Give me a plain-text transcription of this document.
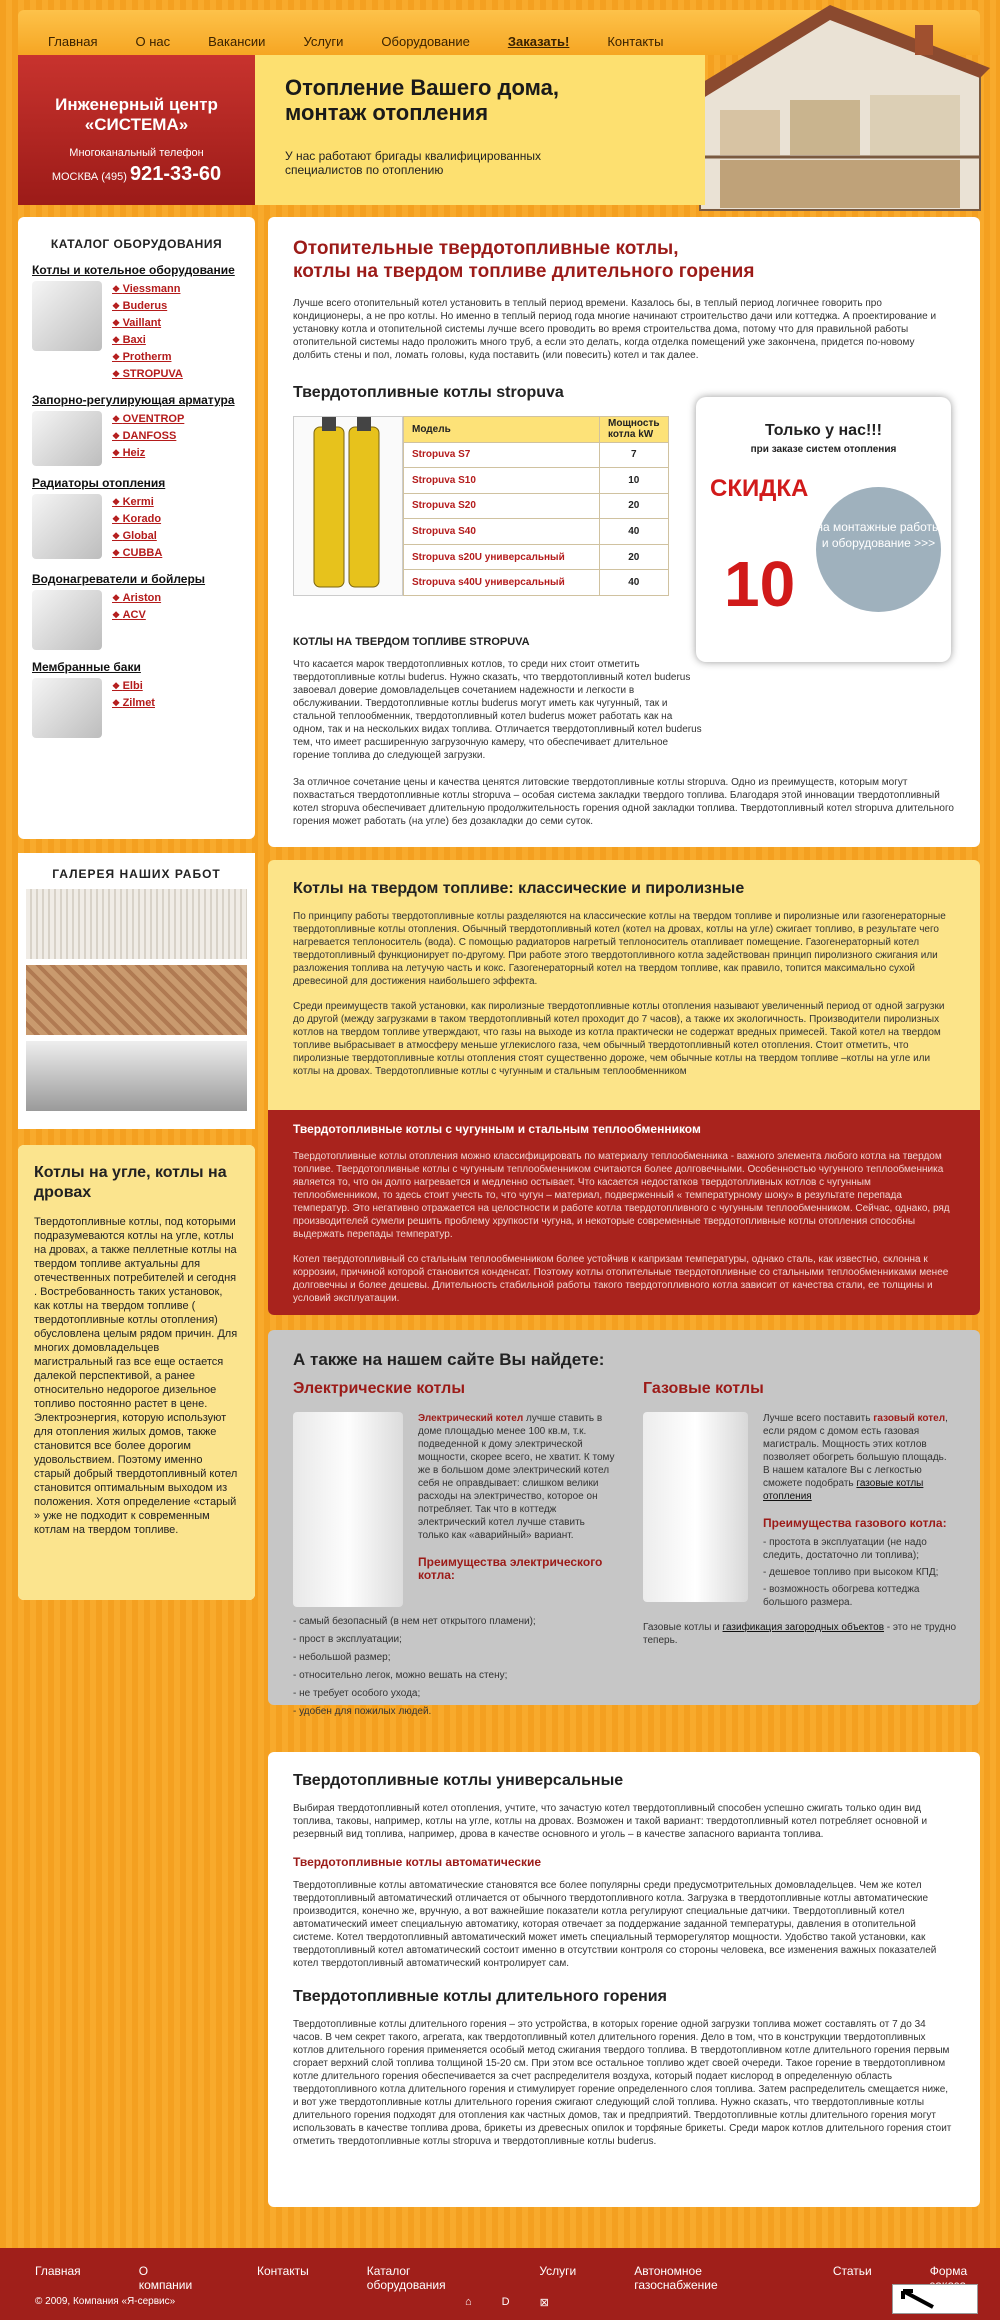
Главная	О нас	Вакансии	Услуги	Оборудование	Заказать!	Контакты
Инженерный центр
«СИСТЕМА»
Многоканальный телефон
МОСКВА (495) 921-33-60
Отопление Вашего дома,
монтаж отопления

У нас работают бригады квалифицированных специалистов по отоплению

КАТАЛОГ ОБОРУДОВАНИЯ
Котлы и котельное оборудование
❖ Viessmann
❖ Buderus
❖ Vaillant
❖ Baxi
❖ Protherm
❖ STROPUVA
Запорно-регулирующая арматура
❖ OVENTROP
❖ DANFOSS
❖ Heiz
Радиаторы отопления
❖ Kermi
❖ Korado
❖ Global
❖ CUBBA
Водонагреватели и бойлеры
❖ Ariston
❖ ACV
Мембранные баки
❖ Elbi
❖ Zilmet
ГАЛЕРЕЯ НАШИХ РАБОТ
Котлы на угле, котлы на дровах

Твердотопливные котлы, под которыми подразумеваются котлы на угле, котлы на дровах, а также пеллетные котлы на твердом топливе актуальны для отечественных потребителей и сегодня . Востребованность таких установок, как котлы на твердом топливе ( твердотопливные котлы отопления) обусловлена целым рядом причин. Для многих домовладельцев магистральный газ все еще остается далекой перспективой, а ранее относительно недорогое дизельное топливо постоянно растет в цене. Электроэнергия, которую используют для отопления жилых домов, также становится все более дорогим удовольствием. Поэтому именно старый добрый твердотопливный котел становится оптимальным выходом из положения. Хотя определение «старый » уже не подходит к современным котлам на твердом топливе.

Отопительные твердотопливные котлы,
котлы на твердом топливе длительного горения

Лучше всего отопительный котел установить в теплый период времени. Казалось бы, в теплый период логичнее говорить про кондиционеры, а не про котлы. Но именно в теплый период года многие начинают строительство дачи или коттеджа. А проектирование и установку котла и отопительной системы лучше всего проводить во время строительства дома, потому что для правильной работы отопительной системы надо проложить много труб, а если это делать, когда отделка помещений уже закончена, придется по-новому долбить стены и пол, ломать головы, куда поставить (или повесить) котел и так далее.

Твердотопливные котлы stropuva
Модель	Мощность котла kW
Stropuva S7	7
Stropuva S10	10
Stropuva S20	20
Stropuva S40	40
Stropuva s20U универсальный	20
Stropuva s40U универсальный	40
Только у нас!!!
при заказе систем отопления
СКИДКА
на монтажные работы и оборудование >>>
10
КОТЛЫ НА ТВЕРДОМ ТОПЛИВЕ STROPUVA

Что касается марок твердотопливных котлов, то среди них стоит отметить твердотопливные котлы buderus. Нужно сказать, что твердотопливный котел buderus завоевал доверие домовладельцев сочетанием надежности и легкости в обслуживании. Твердотопливные котлы buderus могут иметь как чугунный, так и стальной теплообменник, твердотопливный котел buderus может работать как на одном, так и на нескольких видах топлива. Отличается твердотопливный котел buderus тем, что имеет расширенную загрузочную камеру, что обеспечивает длительное горение топлива до следующей загрузки.

За отличное сочетание цены и качества ценятся литовские твердотопливные котлы stropuva. Одно из преимуществ, которым могут похвастаться твердотопливные котлы stropuva – особая система закладки твердого топлива. Благодаря этой инновации твердотопливный котел stropuva обеспечивает длительную продолжительность горения одной закладки топлива. Твердотопливный котел stropuva длительного горения может работать (на угле) без дозакладки до семи суток.

Котлы на твердом топливе: классические и пиролизные

По принципу работы твердотопливные котлы разделяются на классические котлы на твердом топливе и пиролизные или газогенераторные твердотопливные котлы отопления. Обычный твердотопливный котел (котел на дровах, котлы на угле) сжигает топливо, в результате чего нагревается теплоноситель (вода). С помощью радиаторов нагретый теплоноситель отапливает помещение. Газогенераторный котел твердотопливный функционирует по-другому. При работе этого твердотопливного котла задействован принцип пиролизного сжигания или разложения топлива на летучую часть и кокс. Газогенераторный котел на твердом топливе, как правило, топится максимально сухой древесиной для достижения наибольшего эффекта.

Среди преимуществ такой установки, как пиролизные твердотопливные котлы отопления называют увеличенный период от одной загрузки до другой (между загрузками в таком твердотопливный котел проходит до 7 часов), а также их экологичность. Производители пиролизных котлов на твердом топливе утверждают, что газы на выходе из котла практически не содержат вредных примесей. Такой котел на твердом топливе выбрасывает в атмосферу меньше углекислого газа, чем обычный твердотопливный котел отопления. Стоит отметить, что пиролизные твердотопливные котлы отопления стоят существенно дороже, чем обычные котлы на твердом топливе –котлы на угле или котлы на дровах. Твердотопливные котлы с чугунным и стальным теплообменником

Твердотопливные котлы с чугунным и стальным теплообменником

Твердотопливные котлы отопления можно классифицировать по материалу теплообменника - важного элемента любого котла на твердом топливе. Твердотопливные котлы с чугунным теплообменником считаются более долговечными. Особенностью чугунного теплообменника является то, что он долго нагревается и медленно остывает. Что касается недостатков твердотопливных котлов с чугунным теплообменником, то здесь стоит учесть то, что чугун – материал, подверженный « температурному шоку» в результате перепада температур. Это негативно отражается на целостности и работе котла твердотопливного с чугунным теплообменником. Сейчас, однако, ряд производителей сумели решить проблему хрупкости чугуна, и некоторые современные твердотопливные котлы отопления способны выдержать перепады температур.

Котел твердотопливный со стальным теплообменником более устойчив к капризам температуры, однако сталь, как известно, склонна к коррозии, причиной которой становится конденсат. Поэтому котлы отопительные твердотопливные со стальными теплообменниками менее долговечны и более дешевы. Длительность стабильной работы такого твердотопливного котла зависит от качества стали, ее толщины и условий эксплуатации.

А также на нашем сайте Вы найдете:
Электрические котлы

Электрический котел лучше ставить в доме площадью менее 100 кв.м, т.к. подведенной к дому электрической мощности, скорее всего, не хватит. К тому же в большом доме электрический котел себя не оправдывает: слишком велики расходы на электричество, которое он потребляет. Так что в коттедж электрический котел лучше ставить только как «аварийный» вариант.

Преимущества электрического котла:

- самый безопасный (в нем нет открытого пламени);
- прост в эксплуатации;
- небольшой размер;
- относительно легок, можно вешать на стену;
- не требует особого ухода;
- удобен для пожилых людей.
Газовые котлы

Лучше всего поставить газовый котел, если рядом с домом есть газовая магистраль. Мощность этих котлов позволяет обогреть большую площадь.

В нашем каталоге Вы с легкостью сможете подобрать газовые котлы отопления

Преимущества газового котла:

- простота в эксплуатации (не надо следить, достаточно ли топлива);
- дешевое топливо при высоком КПД;
- возможность обогрева коттеджа большого размера.

Газовые котлы и газификация загородных объектов - это не трудно теперь.

Твердотопливные котлы универсальные

Выбирая твердотопливный котел отопления, учтите, что зачастую котел твердотопливный способен успешно сжигать только один вид топлива, таковы, например, котлы на угле, котлы на дровах. Возможен и такой вариант: твердотопливный котел потребляет основной и резервный вид топлива, например, дрова в качестве основного и уголь – в качестве запасного варианта топлива.

Твердотопливные котлы автоматические

Твердотопливные котлы автоматические становятся все более популярны среди предусмотрительных домовладельцев. Чем же котел твердотопливный автоматический отличается от обычного твердотопливного котла. Загрузка в твердотопливные котлы автоматические производится, конечно же, вручную, а вот важнейшие показатели котла регулируют специальные датчики. Твердотопливный котел автоматический имеет специальную автоматику, которая отвечает за поддержание заданной температуры, давления в отопительной системе. Котел твердотопливный автоматический может иметь специальный терморегулятор мощности. Удобство такой установки, как твердотопливный котел автоматический состоит именно в отсутствии контроля со стороны человека, все изменения важных показателей котел твердотопливный автоматический контролирует сам.

Твердотопливные котлы длительного горения

Твердотопливные котлы длительного горения – это устройства, в которых горение одной загрузки топлива может составлять от 7 до 34 часов. В чем секрет такого, агрегата, как твердотопливный котел длительного горения. Дело в том, что в конструкции твердотопливных котлов длительного горения применяется особый метод сжигания твердого топлива. В твердотопливном котле длительного горения первым сгорает верхний слой топлива толщиной 15-20 см. При этом все остальное топливо ждет своей очереди. Такое горение в твердотопливном котле длительного горения обеспечивается за счет распределителя воздуха, который подает кислород в определенную область твердотопливного котла длительного горения и стимулирует горение определенного слоя топлива. Затем распределитель смещается ниже, и вот уже твердотопливные котлы длительного горения сжигают следующий слой топлива. Нужно сказать, что твердотопливные котлы длительного горения подходят для отопления как частных домов, так и предприятий. Твердотопливные котлы длительного горения могут использовать в качестве топлива дрова, брикеты из древесных опилок и торфяные брикеты. Среди марок котлов длительного горения стоит отметить твердотопливные котлы stropuva и твердотопливные котлы buderus.

Главная	О компании
Контакты	Каталог оборудования
Услуги	Автономное газоснабжение
Статьи	Форма
© 2009, Компания «Я-сервис»	⌂	D	⊠
